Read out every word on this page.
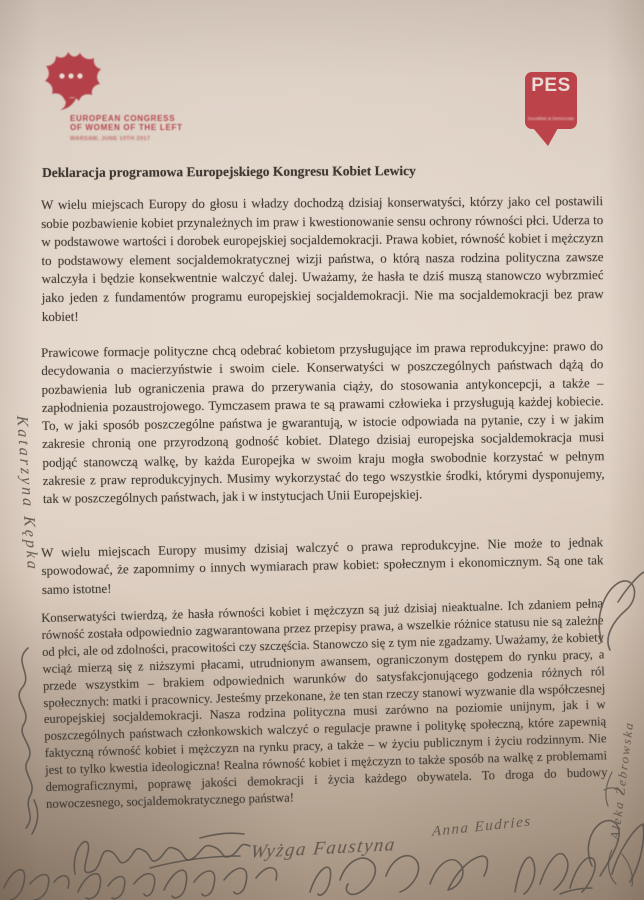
EUROPEAN CONGRESS
OF WOMEN OF THE LEFT
WARSAW, JUNE 10TH 2017
PES
Socialists & Democrats
Deklaracja programowa Europejskiego Kongresu Kobiet Lewicy

W wielu miejscach Europy do głosu i władzy dochodzą dzisiaj konserwatyści, którzy jako cel postawili sobie pozbawienie kobiet przynależnych im praw i kwestionowanie sensu ochrony równości płci. Uderza to w podstawowe wartości i dorobek europejskiej socjaldemokracji. Prawa kobiet, równość kobiet i mężczyzn to podstawowy element socjaldemokratycznej wizji państwa, o którą nasza rodzina polityczna zawsze walczyła i będzie konsekwentnie walczyć dalej. Uważamy, że hasła te dziś muszą stanowczo wybrzmieć jako jeden z fundamentów programu europejskiej socjaldemokracji. Nie ma socjaldemokracji bez praw kobiet!

Prawicowe formacje polityczne chcą odebrać kobietom przysługujące im prawa reprodukcyjne: prawo do decydowania o macierzyństwie i swoim ciele. Konserwatyści w poszczególnych państwach dążą do pozbawienia lub ograniczenia prawa do przerywania ciąży, do stosowania antykoncepcji, a także – zapłodnienia pozaustrojowego. Tymczasem prawa te są prawami człowieka i przysługują każdej kobiecie. To, w jaki sposób poszczególne państwa je gwarantują, w istocie odpowiada na pytanie, czy i w jakim zakresie chronią one przyrodzoną godność kobiet. Dlatego dzisiaj europejska socjaldemokracja musi podjąć stanowczą walkę, by każda Europejka w swoim kraju mogła swobodnie korzystać w pełnym zakresie z praw reprodukcyjnych. Musimy wykorzystać do tego wszystkie środki, którymi dysponujemy, tak w poszczególnych państwach, jak i w instytucjach Unii Europejskiej.

W wielu miejscach Europy musimy dzisiaj walczyć o prawa reprodukcyjne. Nie może to jednak spowodować, że zapomnimy o innych wymiarach praw kobiet: społecznym i ekonomicznym. Są one tak samo istotne!

Konserwatyści twierdzą, że hasła równości kobiet i mężczyzn są już dzisiaj nieaktualne. Ich zdaniem pełna równość została odpowiednio zagwarantowana przez przepisy prawa, a wszelkie różnice statusu nie są zależne od płci, ale od zdolności, pracowitości czy szczęścia. Stanowczo się z tym nie zgadzamy. Uważamy, że kobiety wciąż mierzą się z niższymi płacami, utrudnionym awansem, ograniczonym dostępem do rynku pracy, a przede wszystkim – brakiem odpowiednich warunków do satysfakcjonującego godzenia różnych ról społecznych: matki i pracownicy. Jesteśmy przekonane, że ten stan rzeczy stanowi wyzwanie dla współczesnej europejskiej socjaldemokracji. Nasza rodzina polityczna musi zarówno na poziomie unijnym, jak i w poszczególnych państwach członkowskich walczyć o regulacje prawne i politykę społeczną, które zapewnią faktyczną równość kobiet i mężczyzn na rynku pracy, a także – w życiu publicznym i życiu rodzinnym. Nie jest to tylko kwestia ideologiczna! Realna równość kobiet i mężczyzn to także sposób na walkę z problemami demograficznymi, poprawę jakości demokracji i życia każdego obywatela. To droga do budowy nowoczesnego, socjaldemokratycznego państwa!

Katarzyna Kępka
Aleka Żebrowska
Wyżga Faustyna
Anna Eudries
